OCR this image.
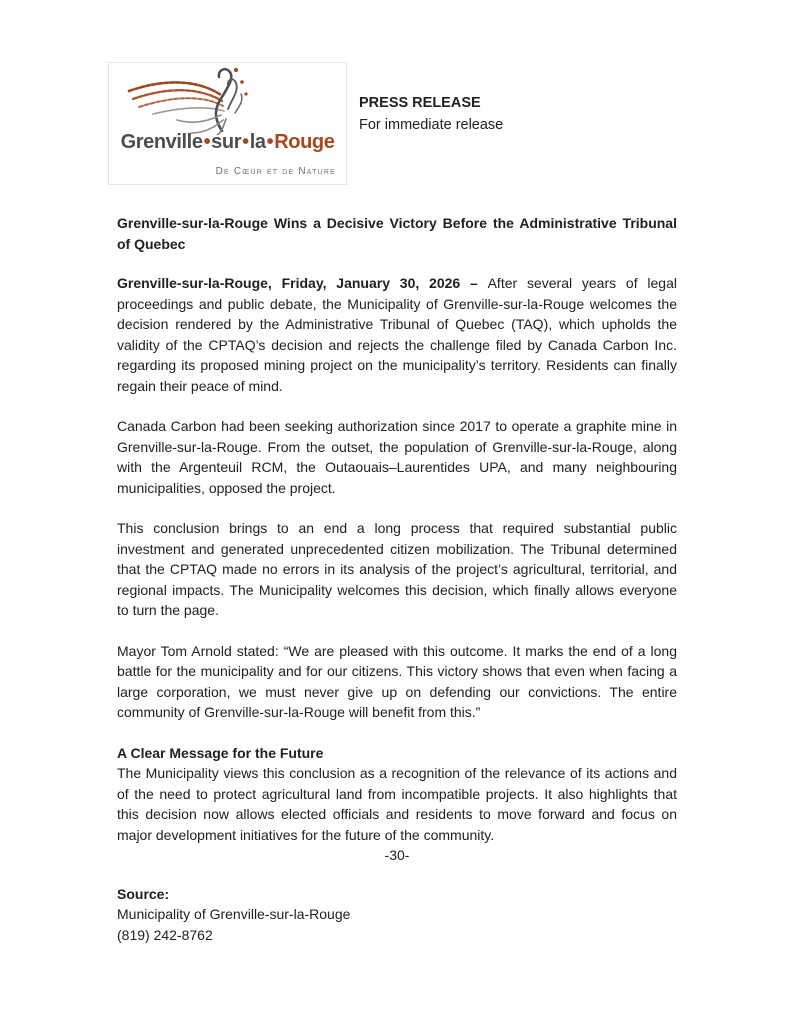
Grenville•sur•la•Rouge
De Cœur et de Nature
PRESS RELEASE
For immediate release
Grenville-sur-la-Rouge Wins a Decisive Victory Before the Administrative Tribunal of Quebec

Grenville-sur-la-Rouge, Friday, January 30, 2026 – After several years of legal proceedings and public debate, the Municipality of Grenville-sur-la-Rouge welcomes the decision rendered by the Administrative Tribunal of Quebec (TAQ), which upholds the validity of the CPTAQ’s decision and rejects the challenge filed by Canada Carbon Inc. regarding its proposed mining project on the municipality’s territory. Residents can finally regain their peace of mind.

Canada Carbon had been seeking authorization since 2017 to operate a graphite mine in Grenville-sur-la-Rouge. From the outset, the population of Grenville-sur-la-Rouge, along with the Argenteuil RCM, the Outaouais–Laurentides UPA, and many neighbouring municipalities, opposed the project.

This conclusion brings to an end a long process that required substantial public investment and generated unprecedented citizen mobilization. The Tribunal determined that the CPTAQ made no errors in its analysis of the project’s agricultural, territorial, and regional impacts. The Municipality welcomes this decision, which finally allows everyone to turn the page.

Mayor Tom Arnold stated: “We are pleased with this outcome. It marks the end of a long battle for the municipality and for our citizens. This victory shows that even when facing a large corporation, we must never give up on defending our convictions. The entire community of Grenville-sur-la-Rouge will benefit from this.”

A Clear Message for the Future

The Municipality views this conclusion as a recognition of the relevance of its actions and of the need to protect agricultural land from incompatible projects. It also highlights that this decision now allows elected officials and residents to move forward and focus on major development initiatives for the future of the community.

-30-
Source:
Municipality of Grenville-sur-la-Rouge
(819) 242-8762
